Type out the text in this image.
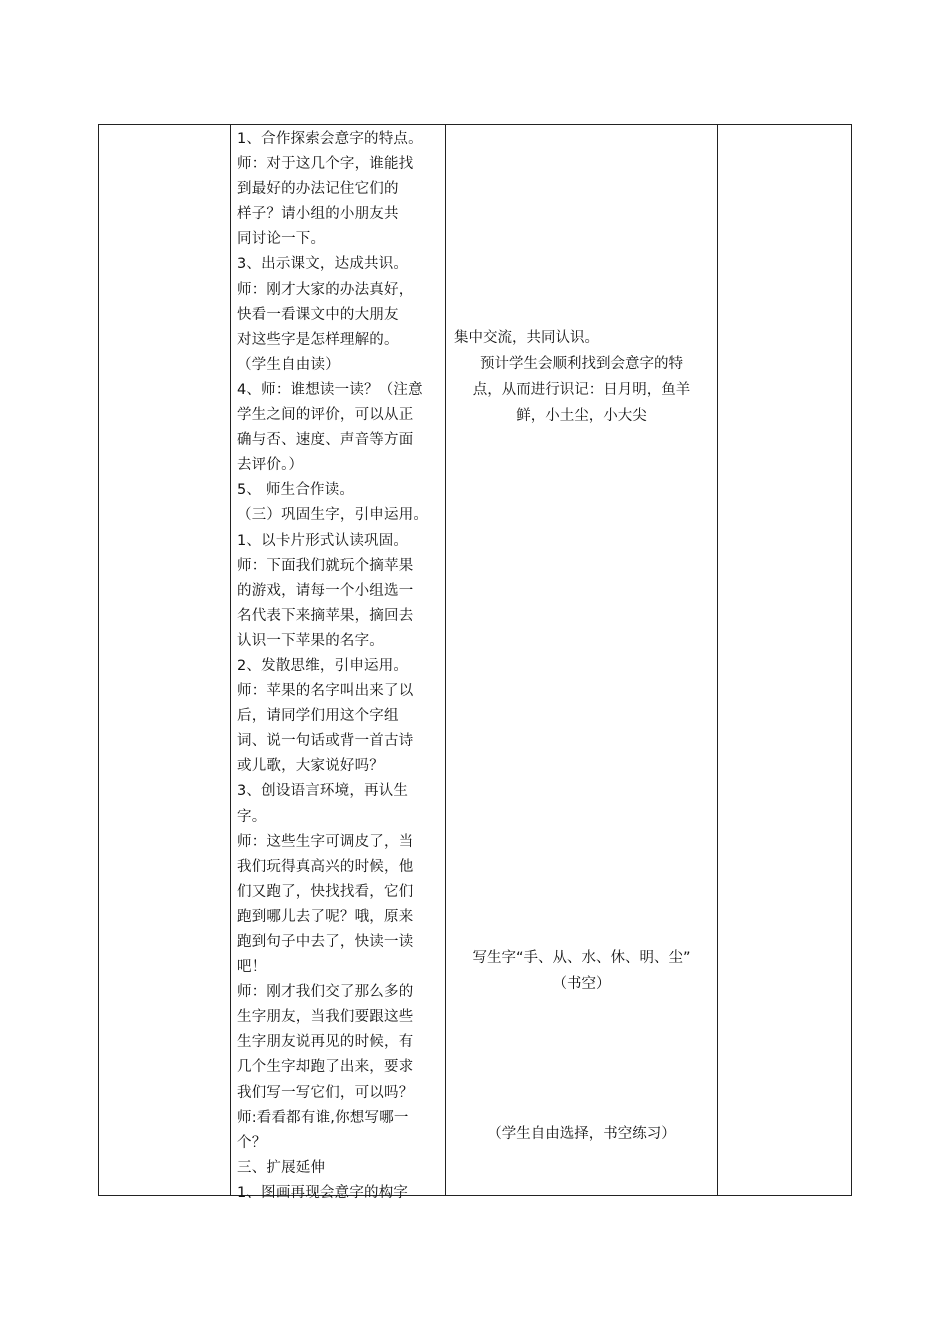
1、合作探索会意字的特点。
师：对于这几个字，谁能找
到最好的办法记住它们的
样子？请小组的小朋友共
同讨论一下。
3、出示课文，达成共识。
师：刚才大家的办法真好，
快看一看课文中的大朋友
对这些字是怎样理解的。
（学生自由读）
4、师：谁想读一读？（注意
学生之间的评价，可以从正
确与否、速度、声音等方面
去评价。）
5、 师生合作读。
（三）巩固生字，引申运用。
1、以卡片形式认读巩固。
师：下面我们就玩个摘苹果
的游戏，请每一个小组选一
名代表下来摘苹果，摘回去
认识一下苹果的名字。
2、发散思维，引申运用。
师：苹果的名字叫出来了以
后，请同学们用这个字组
词、说一句话或背一首古诗
或儿歌，大家说好吗？
3、创设语言环境，再认生
字。
师：这些生字可调皮了，当
我们玩得真高兴的时候，他
们又跑了，快找找看，它们
跑到哪儿去了呢？哦，原来
跑到句子中去了，快读一读
吧！
师：刚才我们交了那么多的
生字朋友，当我们要跟这些
生字朋友说再见的时候，有
几个生字却跑了出来，要求
我们写一写它们，可以吗？
师:看看都有谁,你想写哪一
个？
三、扩展延伸
1、图画再现会意字的构字
集中交流，共同认识。
预计学生会顺利找到会意字的特
点，从而进行识记：日月明，鱼羊
鲜，小土尘，小大尖
写生字“手、从、水、休、明、尘”
（书空）
（学生自由选择，书空练习）
